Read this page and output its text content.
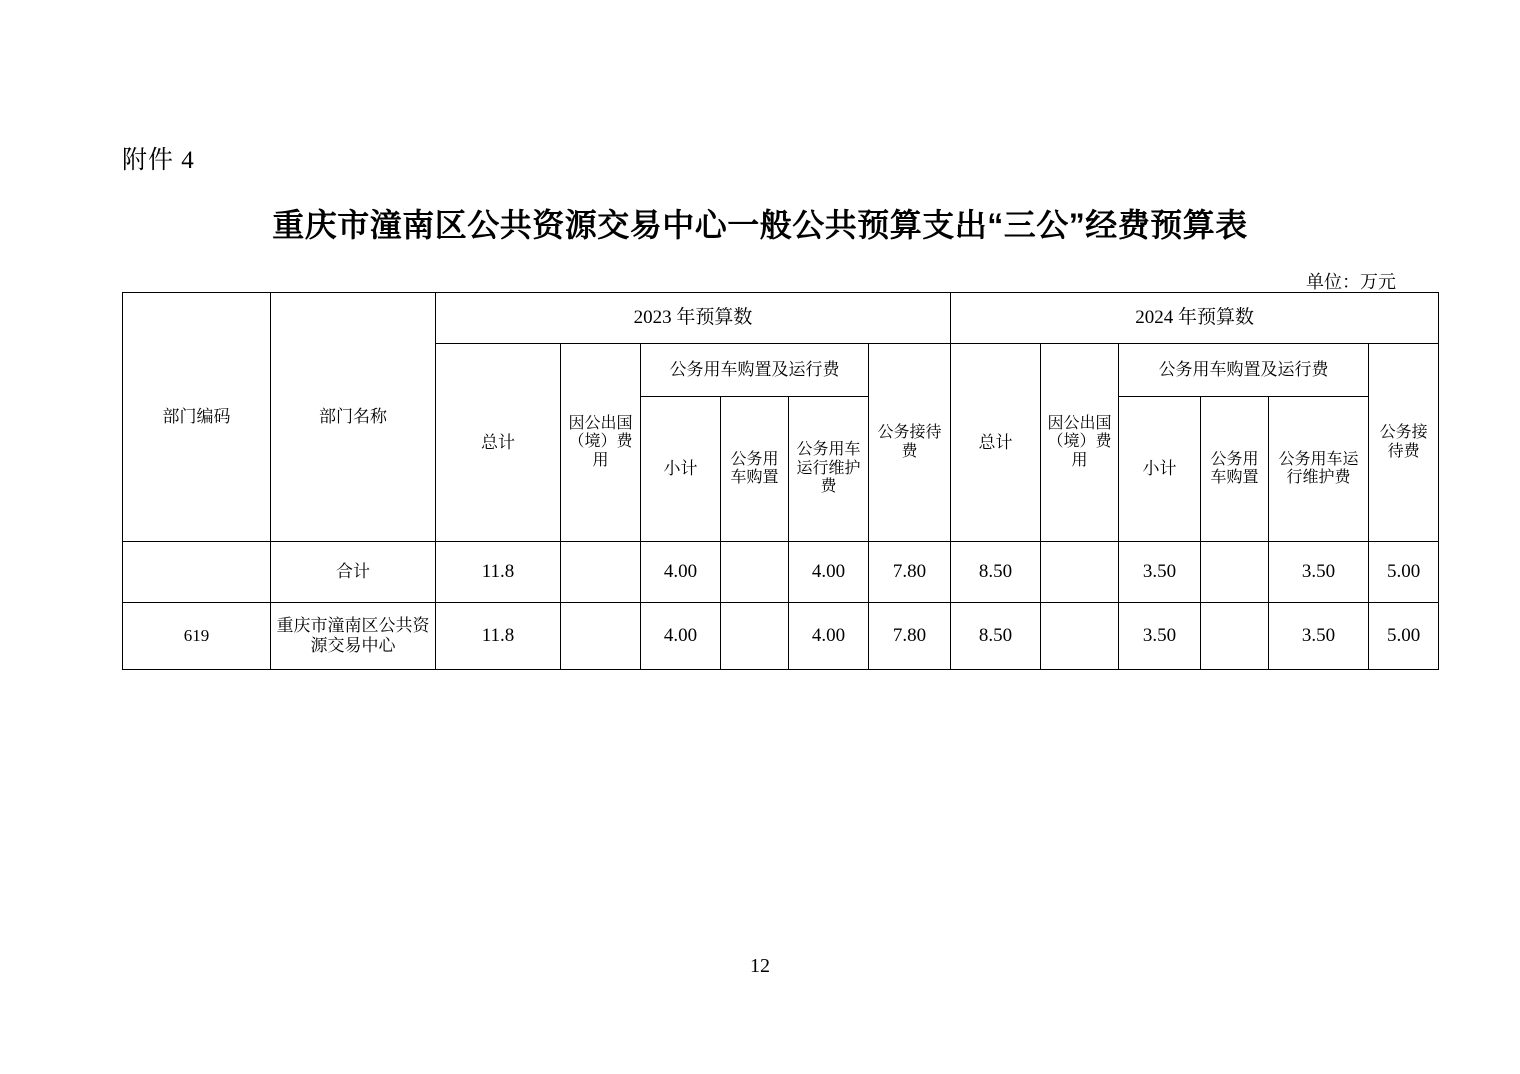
附件 4
重庆市潼南区公共资源交易中心一般公共预算支出“三公”经费预算表
单位：万元
部门编码	部门名称	2023 年预算数						2024 年预算数					
		总计	因公出国（境）费用	公务用车购置及运行费			公务接待费	总计	因公出国（境）费用	公务用车购置及运行费			公务接待费
				小计	公务用车购置	公务用车运行维护费				小计	公务用车购置	公务用车运行维护费	
	合计	11.8		4.00		4.00	7.80	8.50		3.50		3.50	5.00
619	重庆市潼南区公共资源交易中心	11.8		4.00		4.00	7.80	8.50		3.50		3.50	5.00
12
